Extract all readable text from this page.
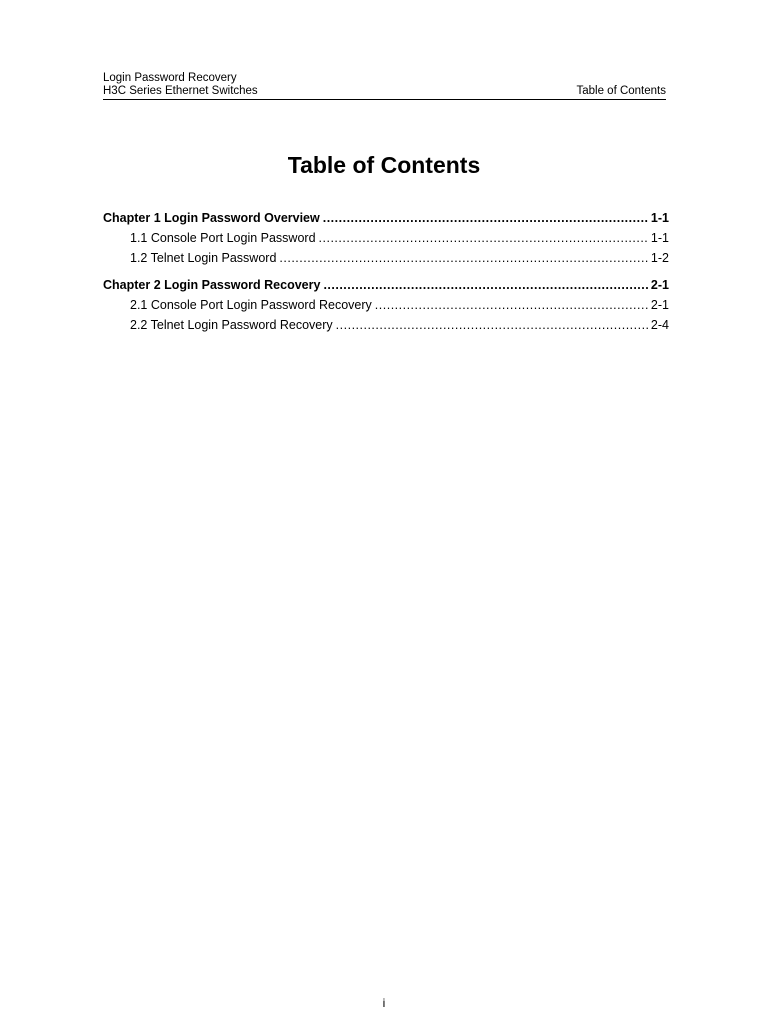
Login Password Recovery
H3C Series Ethernet Switches	Table of Contents
Table of Contents
Chapter 1 Login Password Overview .....	1-1
1.1 Console Port Login Password .....	1-1
1.2 Telnet Login Password .....	1-2
Chapter 2 Login Password Recovery .....	2-1
2.1 Console Port Login Password Recovery .....	2-1
2.2 Telnet Login Password Recovery .....	2-4
i
